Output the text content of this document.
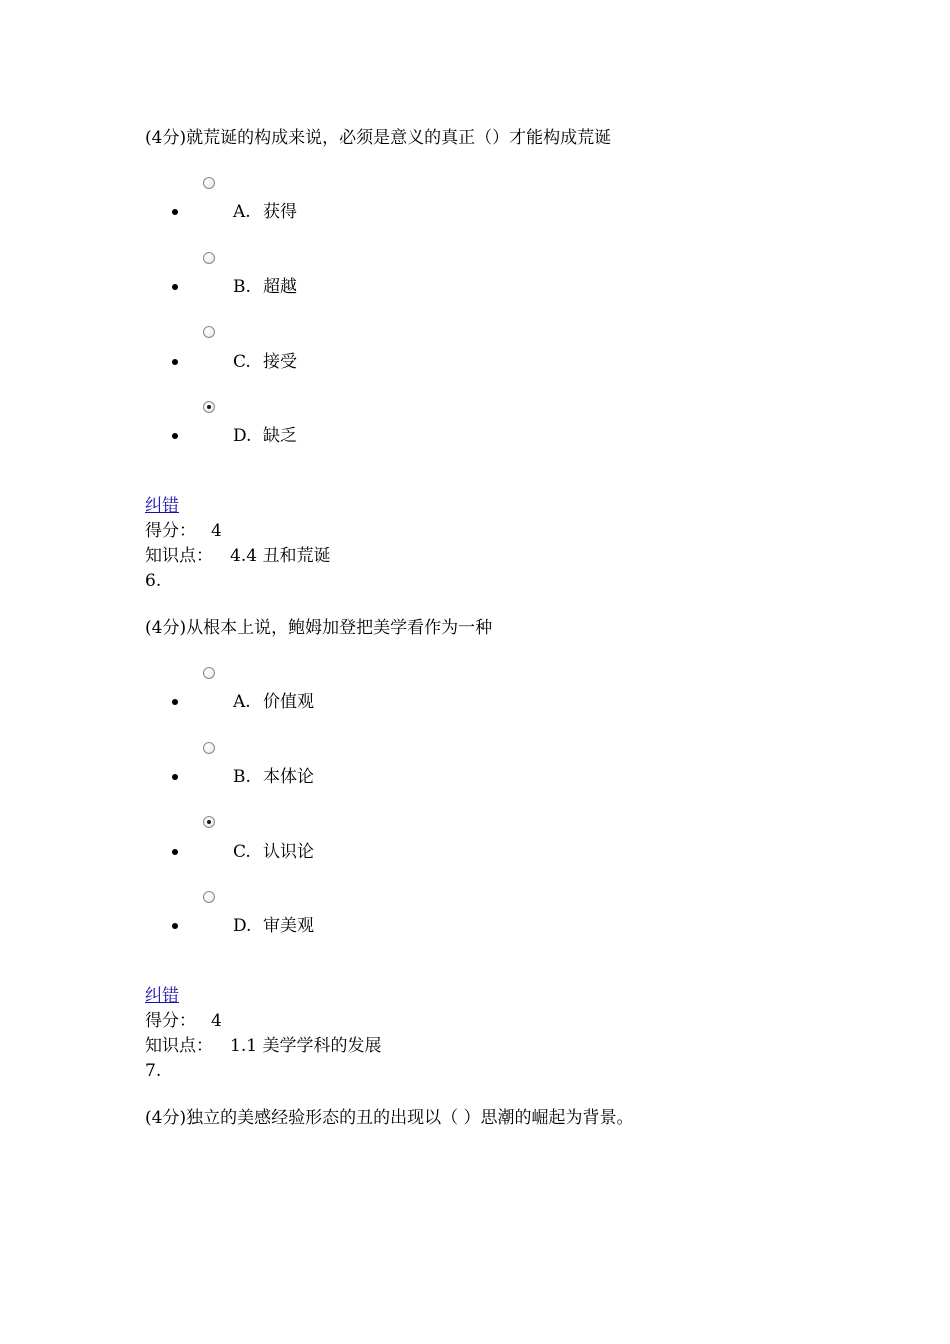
(4分)就荒诞的构成来说，必须是意义的真正（）才能构成荒诞
A. 获得
B. 超越
C. 接受
D. 缺乏
纠错
得分： 4
知识点： 4.4 丑和荒诞
6.
(4分)从根本上说，鲍姆加登把美学看作为一种
A. 价值观
B. 本体论
C. 认识论
D. 审美观
纠错
得分： 4
知识点： 1.1 美学学科的发展
7.
(4分)独立的美感经验形态的丑的出现以（ ）思潮的崛起为背景。
